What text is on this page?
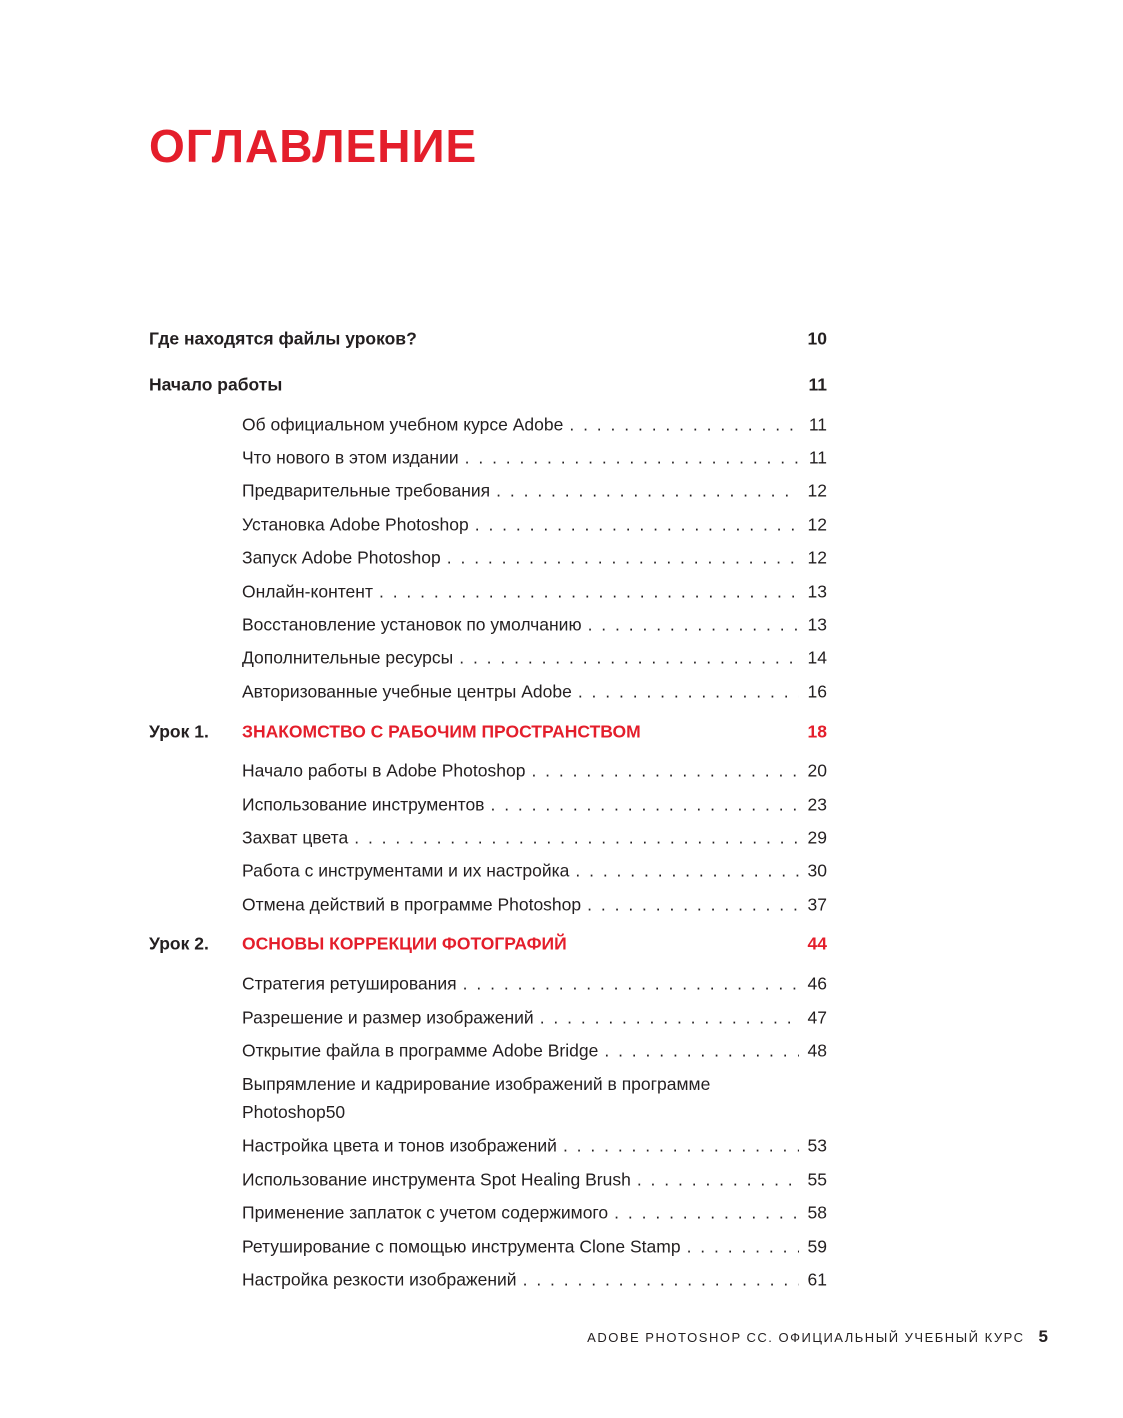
ОГЛАВЛЕНИЕ
Где находятся файлы уроков?	10
Начало работы	11
Об официальном учебном курсе Adobe . . .	11
Что нового в этом издании . . .	11
Предварительные требования . . .	12
Установка Adobe Photoshop . . .	12
Запуск Adobe Photoshop . . .	12
Онлайн-контент . . .	13
Восстановление установок по умолчанию . . .	13
Дополнительные ресурсы . . .	14
Авторизованные учебные центры Adobe . . .	16
Урок 1. ЗНАКОМСТВО С РАБОЧИМ ПРОСТРАНСТВОМ	18
Начало работы в Adobe Photoshop . . .	20
Использование инструментов . . .	23
Захват цвета . . .	29
Работа с инструментами и их настройка . . .	30
Отмена действий в программе Photoshop . . .	37
Урок 2. ОСНОВЫ КОРРЕКЦИИ ФОТОГРАФИЙ	44
Стратегия ретуширования . . .	46
Разрешение и размер изображений . . .	47
Открытие файла в программе Adobe Bridge . . .	48
Выпрямление и кадрирование изображений в программе
Photoshop 50
Настройка цвета и тонов изображений . . .	53
Использование инструмента Spot Healing Brush . . .	55
Применение заплаток с учетом содержимого . . .	58
Ретуширование с помощью инструмента Clone Stamp . . .	59
Настройка резкости изображений . . .	61
ADOBE PHOTOSHOP CC. ОФИЦИАЛЬНЫЙ УЧЕБНЫЙ КУРС 5
